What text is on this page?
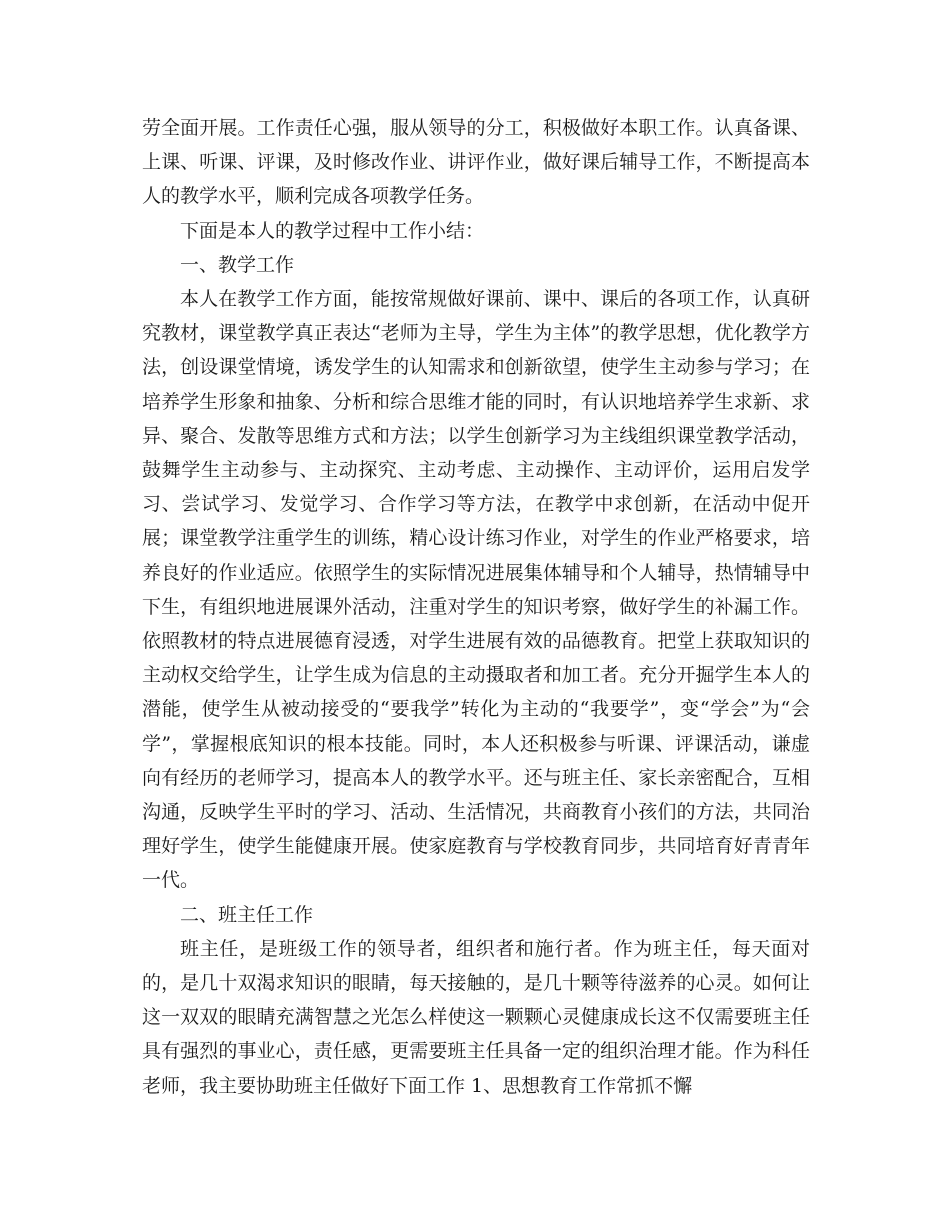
劳全面开展。工作责任心强，服从领导的分工，积极做好本职工作。认真备课、上课、听课、评课，及时修改作业、讲评作业，做好课后辅导工作，不断提高本人的教学水平，顺利完成各项教学任务。

下面是本人的教学过程中工作小结：

一、教学工作

本人在教学工作方面，能按常规做好课前、课中、课后的各项工作，认真研究教材，课堂教学真正表达“老师为主导，学生为主体”的教学思想，优化教学方法，创设课堂情境，诱发学生的认知需求和创新欲望，使学生主动参与学习；在培养学生形象和抽象、分析和综合思维才能的同时，有认识地培养学生求新、求异、聚合、发散等思维方式和方法；以学生创新学习为主线组织课堂教学活动，鼓舞学生主动参与、主动探究、主动考虑、主动操作、主动评价，运用启发学习、尝试学习、发觉学习、合作学习等方法，在教学中求创新，在活动中促开展；课堂教学注重学生的训练，精心设计练习作业，对学生的作业严格要求，培养良好的作业适应。依照学生的实际情况进展集体辅导和个人辅导，热情辅导中下生，有组织地进展课外活动，注重对学生的知识考察，做好学生的补漏工作。依照教材的特点进展德育浸透，对学生进展有效的品德教育。把堂上获取知识的主动权交给学生，让学生成为信息的主动摄取者和加工者。充分开掘学生本人的潜能，使学生从被动接受的“要我学”转化为主动的“我要学”，变“学会”为“会学”，掌握根底知识的根本技能。同时，本人还积极参与听课、评课活动，谦虚向有经历的老师学习，提高本人的教学水平。还与班主任、家长亲密配合，互相沟通，反映学生平时的学习、活动、生活情况，共商教育小孩们的方法，共同治理好学生，使学生能健康开展。使家庭教育与学校教育同步，共同培育好青青年一代。

二、班主任工作

班主任，是班级工作的领导者，组织者和施行者。作为班主任，每天面对的，是几十双渴求知识的眼睛，每天接触的，是几十颗等待滋养的心灵。如何让这一双双的眼睛充满智慧之光怎么样使这一颗颗心灵健康成长这不仅需要班主任具有强烈的事业心，责任感，更需要班主任具备一定的组织治理才能。作为科任老师，我主要协助班主任做好下面工作 1、思想教育工作常抓不懈
